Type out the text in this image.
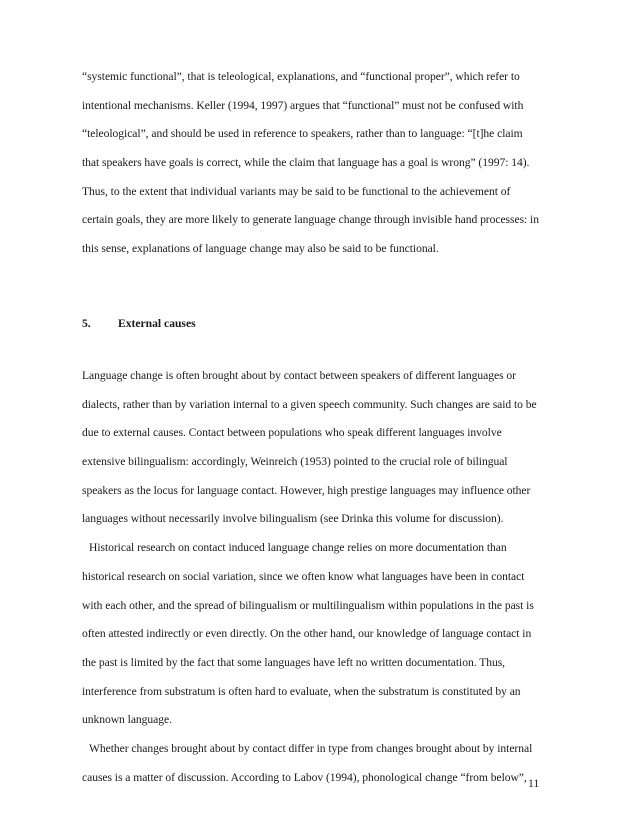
“systemic functional”, that is teleological, explanations, and “functional proper”, which refer to
intentional mechanisms. Keller (1994, 1997) argues that “functional” must not be confused with
“teleological”, and should be used in reference to speakers, rather than to language: “[t]he claim
that speakers have goals is correct, while the claim that language has a goal is wrong” (1997: 14).
Thus, to the extent that individual variants may be said to be functional to the achievement of
certain goals, they are more likely to generate language change through invisible hand processes: in
this sense, explanations of language change may also be said to be functional.
5. External causes
Language change is often brought about by contact between speakers of different languages or
dialects, rather than by variation internal to a given speech community. Such changes are said to be
due to external causes. Contact between populations who speak different languages involve
extensive bilingualism: accordingly, Weinreich (1953) pointed to the crucial role of bilingual
speakers as the locus for language contact. However, high prestige languages may influence other
languages without necessarily involve bilingualism (see Drinka this volume for discussion).
Historical research on contact induced language change relies on more documentation than
historical research on social variation, since we often know what languages have been in contact
with each other, and the spread of bilingualism or multilingualism within populations in the past is
often attested indirectly or even directly. On the other hand, our knowledge of language contact in
the past is limited by the fact that some languages have left no written documentation. Thus,
interference from substratum is often hard to evaluate, when the substratum is constituted by an
unknown language.
Whether changes brought about by contact differ in type from changes brought about by internal
causes is a matter of discussion. According to Labov (1994), phonological change “from below”, 11
